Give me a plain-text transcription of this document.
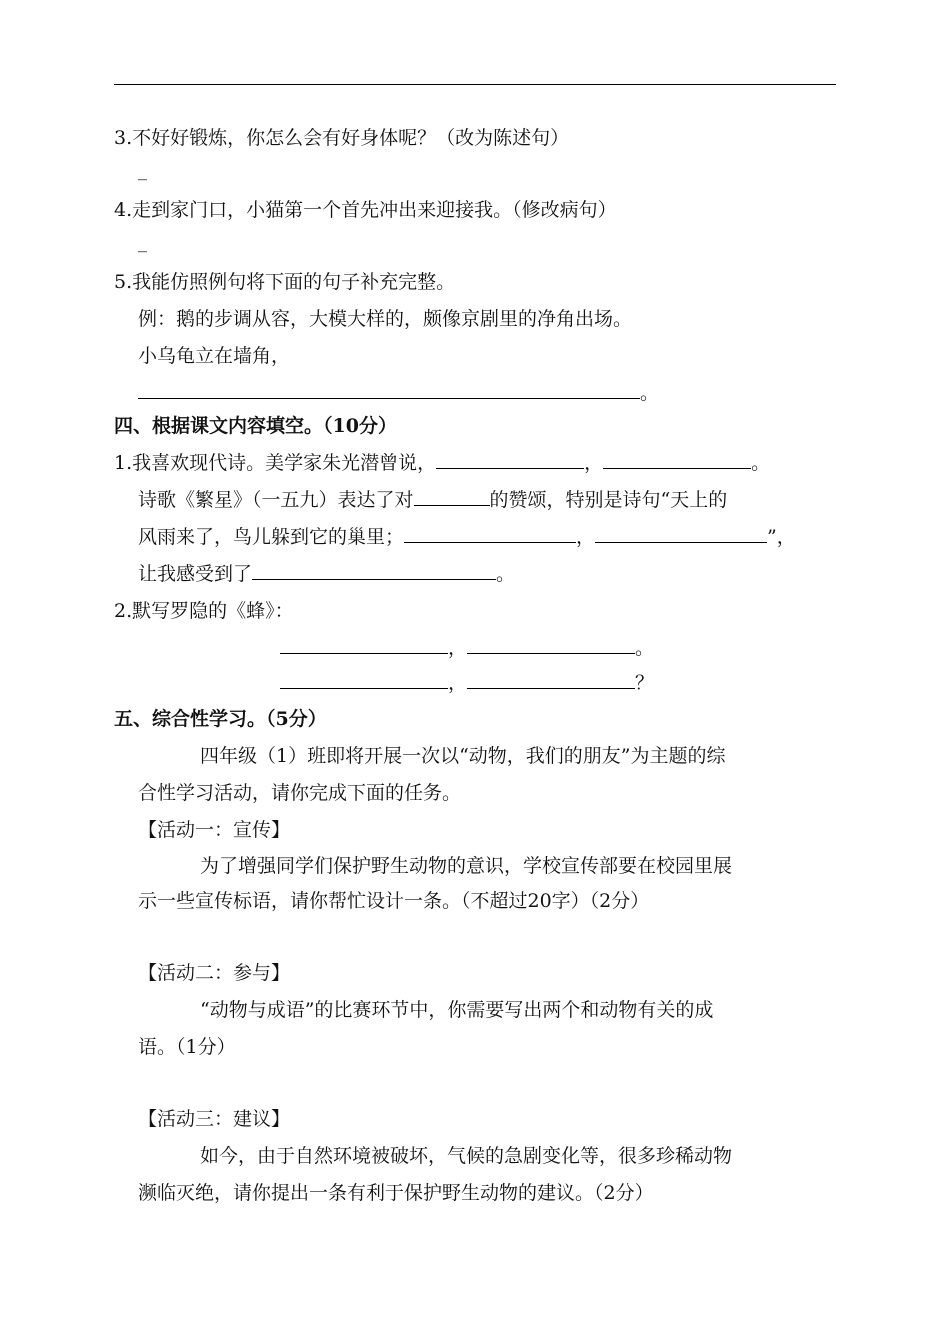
3.不好好锻炼，你怎么会有好身体呢？（改为陈述句）
_
4.走到家门口，小猫第一个首先冲出来迎接我。（修改病句）
_
5.我能仿照例句将下面的句子补充完整。
例：鹅的步调从容，大模大样的，颇像京剧里的净角出场。
小乌龟立在墙角，
。
四、根据课文内容填空。（10分）
1.我喜欢现代诗。美学家朱光潜曾说，	，	。
诗歌《繁星》（一五九）表达了对	的赞颂，特别是诗句“天上的
风雨来了，鸟儿躲到它的巢里；	，	”，
让我感受到了	。
2.默写罗隐的《蜂》：
，	。
，	？
五、综合性学习。（5分）
四年级（1）班即将开展一次以“动物，我们的朋友”为主题的综
合性学习活动，请你完成下面的任务。
【活动一：宣传】
为了增强同学们保护野生动物的意识，学校宣传部要在校园里展
示一些宣传标语，请你帮忙设计一条。（不超过20字）（2分）
【活动二：参与】
“动物与成语”的比赛环节中，你需要写出两个和动物有关的成
语。（1分）
【活动三：建议】
如今，由于自然环境被破坏，气候的急剧变化等，很多珍稀动物
濒临灭绝，请你提出一条有利于保护野生动物的建议。（2分）
